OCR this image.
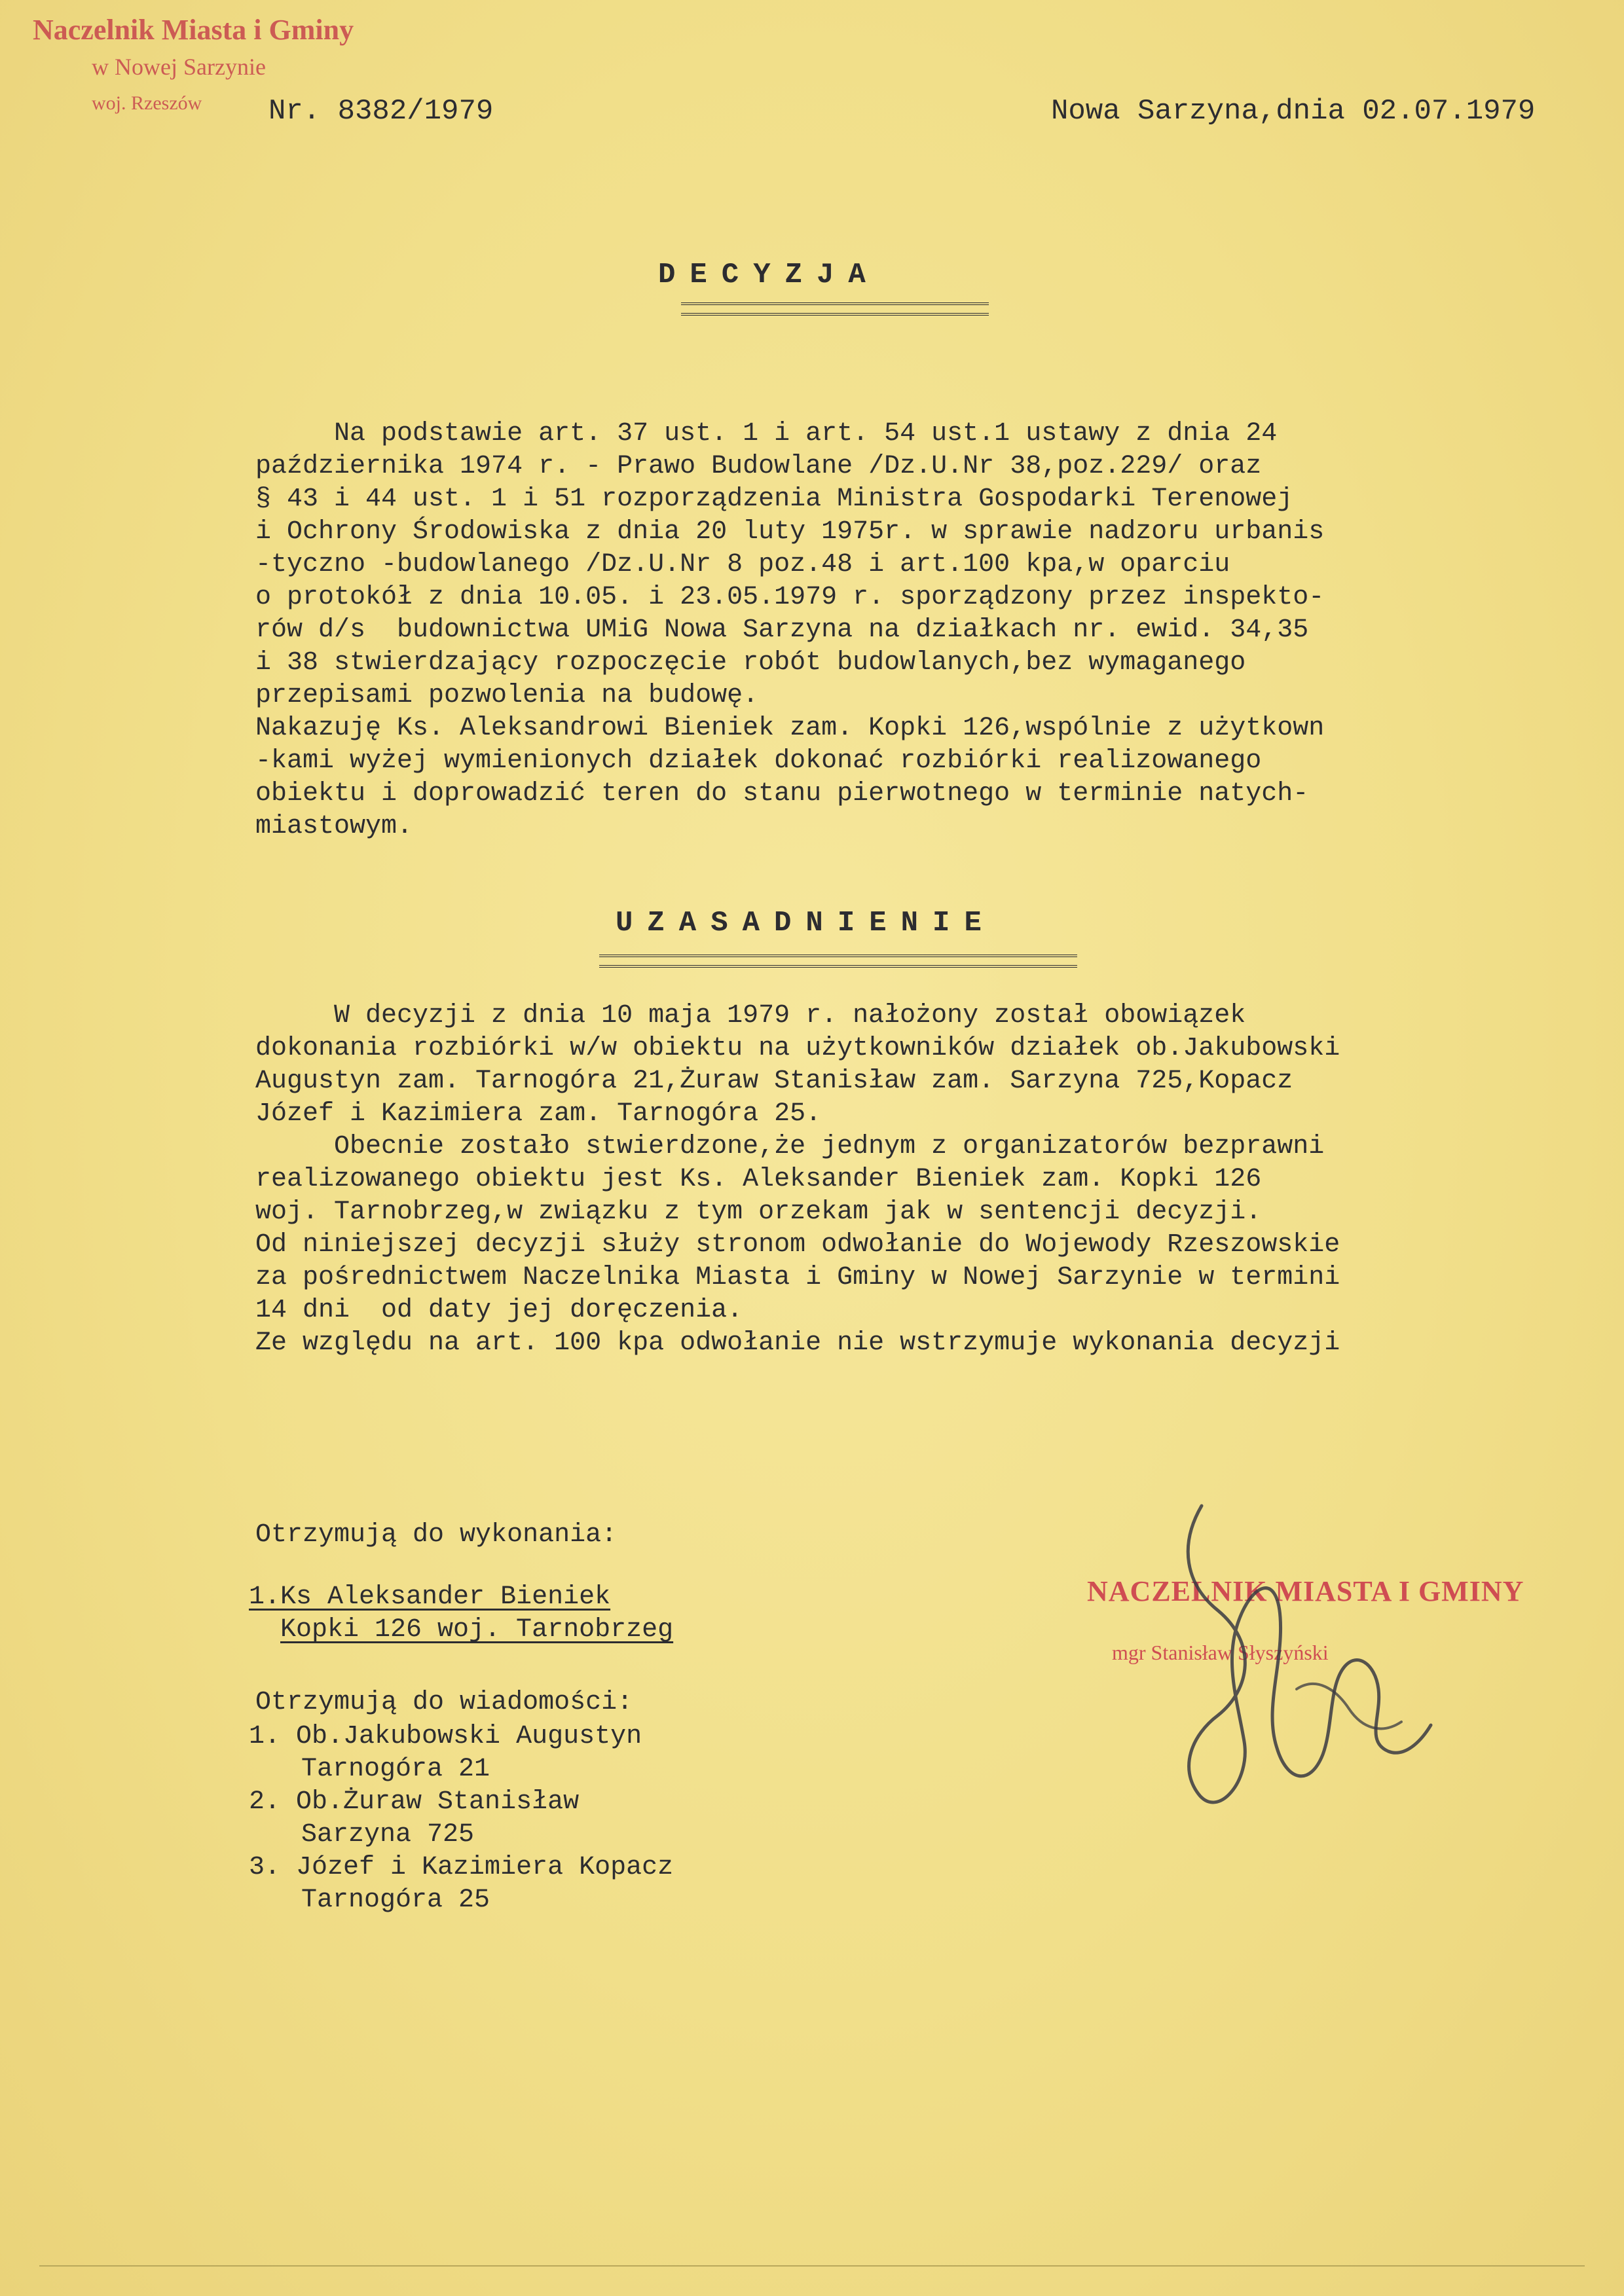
Naczelnik Miasta i Gminy
w Nowej Sarzynie
woj. Rzeszów	Nr. 8382/1979	Nowa Sarzyna,dnia 02.07.1979
DECYZJA
Na podstawie art. 37 ust. 1 i art. 54 ust.1 ustawy z dnia 24
października 1974 r. - Prawo Budowlane /Dz.U.Nr 38,poz.229/ oraz
§ 43 i 44 ust. 1 i 51 rozporządzenia Ministra Gospodarki Terenowej
i Ochrony Środowiska z dnia 20 luty 1975r. w sprawie nadzoru urbanis
-tyczno -budowlanego /Dz.U.Nr 8 poz.48 i art.100 kpa,w oparciu
o protokół z dnia 10.05. i 23.05.1979 r. sporządzony przez inspekto-
rów d/s  budownictwa UMiG Nowa Sarzyna na działkach nr. ewid. 34,35
i 38 stwierdzający rozpoczęcie robót budowlanych,bez wymaganego
przepisami pozwolenia na budowę.
Nakazuję Ks. Aleksandrowi Bieniek zam. Kopki 126,wspólnie z użytkown
-kami wyżej wymienionych działek dokonać rozbiórki realizowanego
obiektu i doprowadzić teren do stanu pierwotnego w terminie natych-
miastowym.
UZASADNIENIE
W decyzji z dnia 10 maja 1979 r. nałożony został obowiązek
dokonania rozbiórki w/w obiektu na użytkowników działek ob.Jakubowski
Augustyn zam. Tarnogóra 21,Żuraw Stanisław zam. Sarzyna 725,Kopacz
Józef i Kazimiera zam. Tarnogóra 25.
Obecnie zostało stwierdzone,że jednym z organizatorów bezprawni
realizowanego obiektu jest Ks. Aleksander Bieniek zam. Kopki 126
woj. Tarnobrzeg,w związku z tym orzekam jak w sentencji decyzji.
Od niniejszej decyzji służy stronom odwołanie do Wojewody Rzeszowskie
za pośrednictwem Naczelnika Miasta i Gminy w Nowej Sarzynie w termini
14 dni  od daty jej doręczenia.
Ze względu na art. 100 kpa odwołanie nie wstrzymuje wykonania decyzji
Otrzymują do wykonania:
1.Ks Aleksander Bieniek
Kopki 126 woj. Tarnobrzeg
Otrzymują do wiadomości:
1. Ob.Jakubowski Augustyn
Tarnogóra 21
2. Ob.Żuraw Stanisław
Sarzyna 725
3. Józef i Kazimiera Kopacz
Tarnogóra 25
NACZELNIK MIASTA I GMINY
mgr Stanisław Słyszyński
